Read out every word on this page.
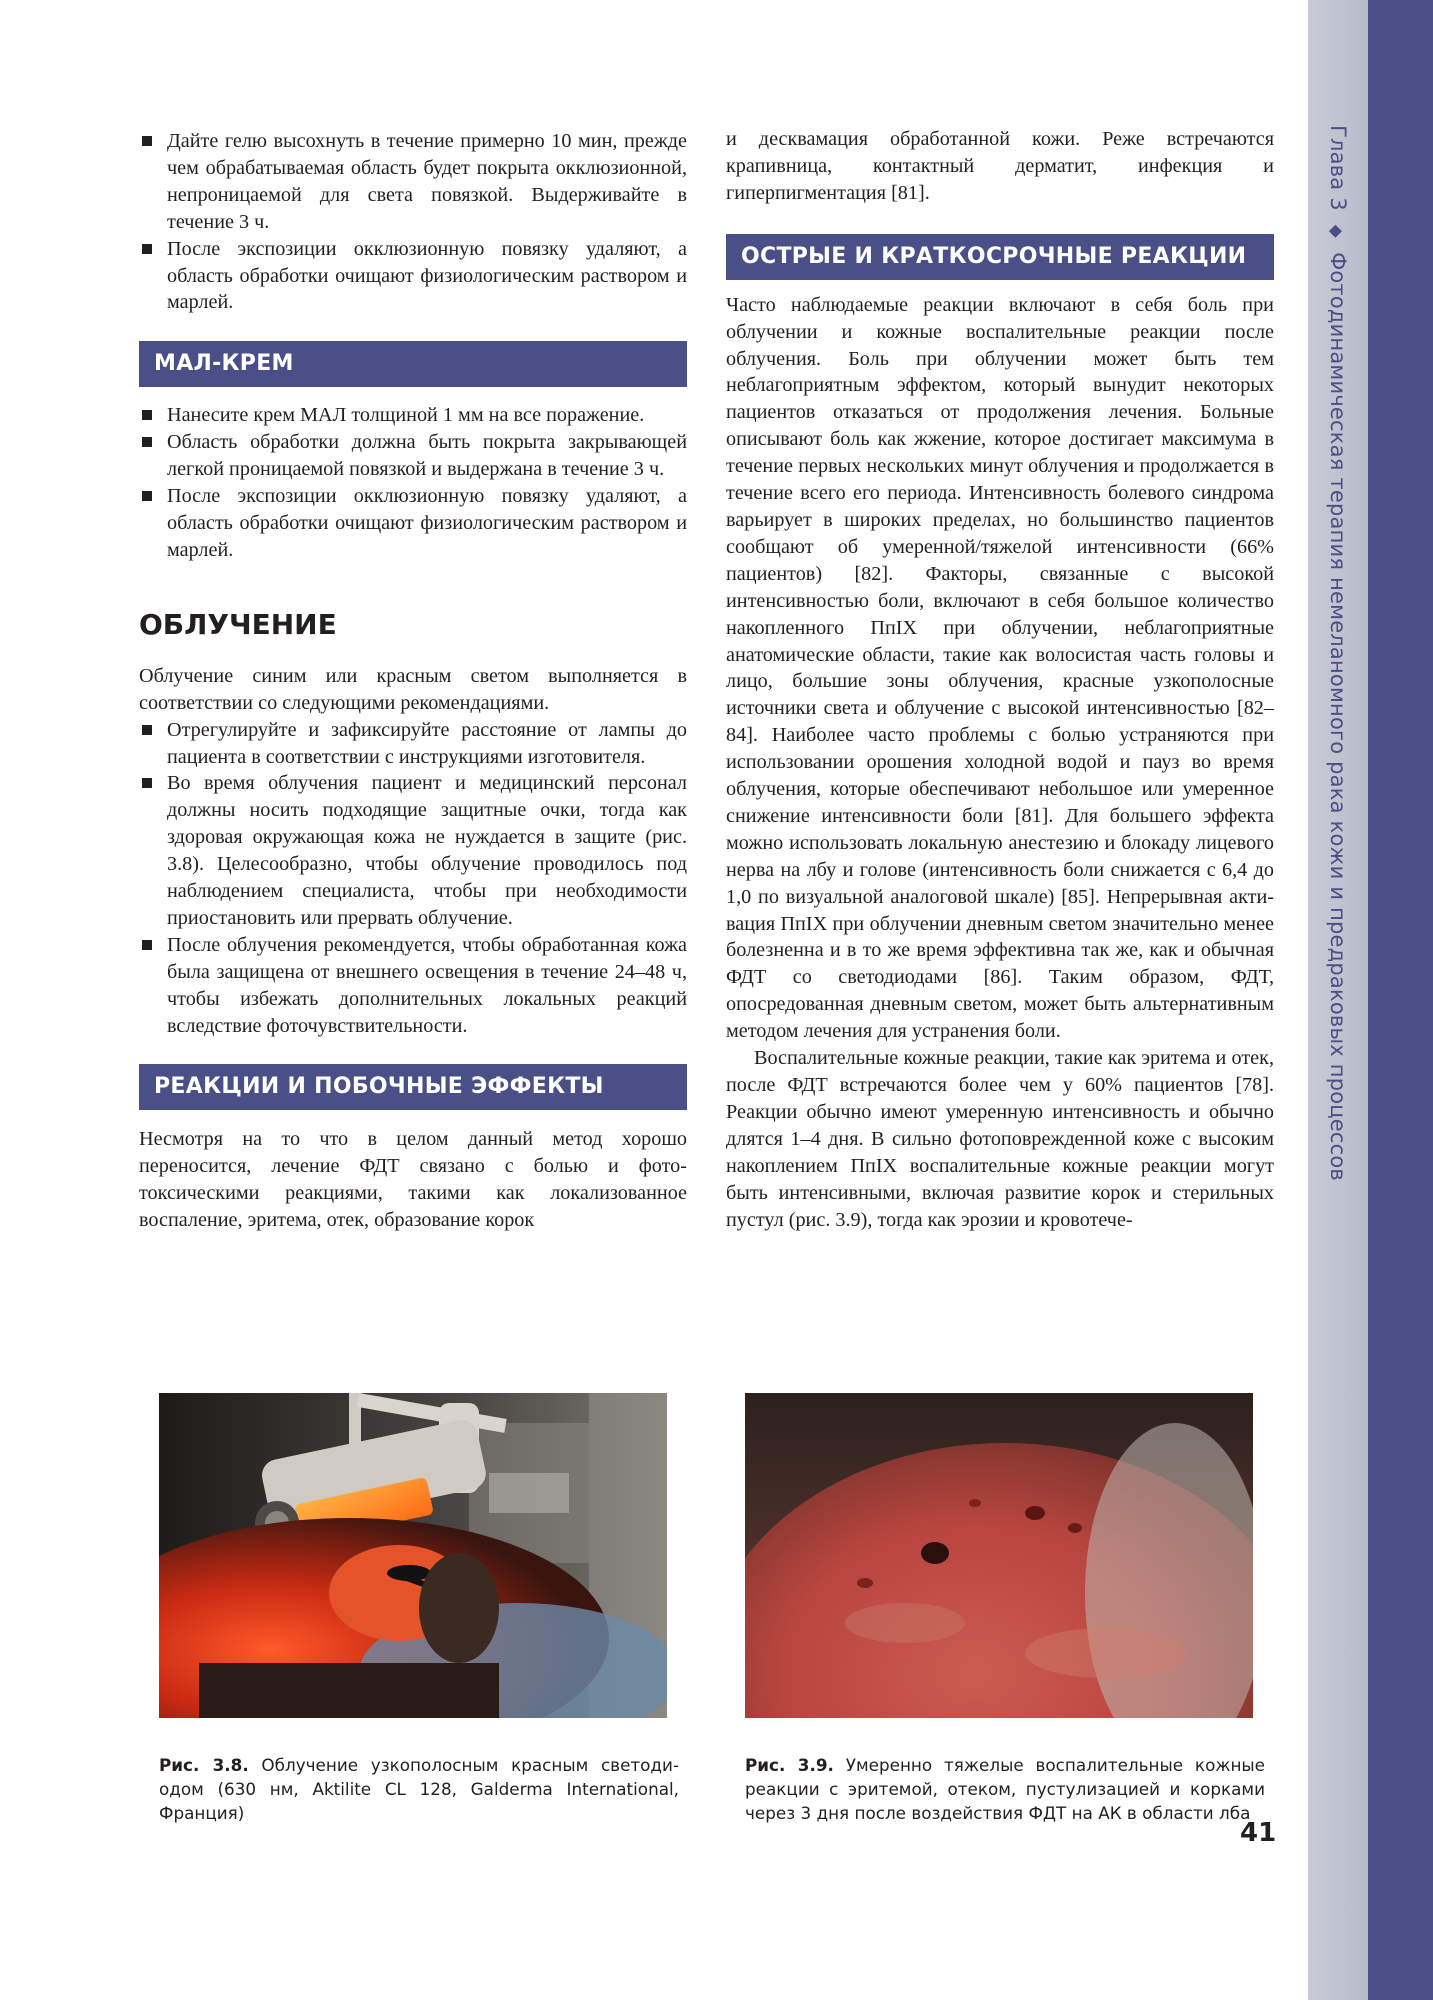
Глава 3◆Фотодинамическая терапия немеланомного рака кожи и предраковых процессов
Дайте гелю высохнуть в течение примерно 10 мин, прежде чем обрабатываемая область будет покрыта окклюзионной, непроницаемой для света повязкой. Выдерживайте в течение 3 ч.
После экспозиции окклюзионную повязку удаляют, а область обработки очищают физиологическим раствором и марлей.
МАЛ-КРЕМ
Нанесите крем МАЛ толщиной 1 мм на все поражение.
Область обработки должна быть покрыта закрывающей легкой проницаемой повязкой и выдержана в течение 3 ч.
После экспозиции окклюзионную повязку удаляют, а область обработки очищают физиологическим раствором и марлей.
ОБЛУЧЕНИЕ

Облучение синим или красным светом выполняется в соответствии со следующими рекомендациями.

Отрегулируйте и зафиксируйте расстояние от лампы до пациента в соответствии с инструкциями изготовителя.
Во время облучения пациент и медицинский персонал должны носить подходящие защитные очки, тогда как здоровая окружающая кожа не нуждается в защите (рис. 3.8). Целесообразно, чтобы облучение проводилось под наблюдением специалиста, чтобы при необходимости приостановить или прервать облучение.
После облучения рекомендуется, чтобы обработанная кожа была защищена от внешнего освещения в течение 24–48 ч, чтобы избежать дополнительных локальных реакций вследствие фоточувствительности.
РЕАКЦИИ И ПОБОЧНЫЕ ЭФФЕКТЫ

Несмотря на то что в целом данный метод хорошо переносится, лечение ФДТ связано с болью и фототоксическими реакциями, такими как локализованное воспаление, эритема, отек, образование корок

и десквамация обработанной кожи. Реже встречаются крапивница, контактный дерматит, инфекция и гиперпигментация [81].

ОСТРЫЕ И КРАТКОСРОЧНЫЕ РЕАКЦИИ

Часто наблюдаемые реакции включают в себя боль при облучении и кожные воспалительные реакции после облучения. Боль при облучении может быть тем неблагоприятным эффектом, который вынудит некоторых пациентов отказаться от продолжения лечения. Больные описывают боль как жжение, которое достигает максимума в течение первых нескольких минут облучения и продолжается в течение всего его периода. Интенсивность болевого синдрома варьирует в широких пределах, но большинство пациентов сообщают об умеренной/тяжелой интенсивности (66% пациентов) [82]. Факторы, связанные с высокой интенсивностью боли, включают в себя большое количество накопленного ПпIX при облучении, неблагоприятные анатомические области, такие как волосистая часть головы и лицо, большие зоны облучения, красные узкополосные источники света и облучение с высокой интенсивностью [82–84]. Наиболее часто проблемы с болью устраняются при использовании орошения холодной водой и пауз во время облучения, которые обеспечивают небольшое или умеренное снижение интенсивности боли [81]. Для большего эффекта можно использовать локальную анестезию и блокаду лицевого нерва на лбу и голове (интенсивность боли снижается с 6,4 до 1,0 по визуальной аналоговой шкале) [85]. Непрерывная активация ПпIX при облучении дневным светом значительно менее болезненна и в то же время эффективна так же, как и обычная ФДТ со светодиодами [86]. Таким образом, ФДТ, опосредованная дневным светом, может быть альтернативным методом лечения для устранения боли.

Воспалительные кожные реакции, такие как эритема и отек, после ФДТ встречаются более чем у 60% пациентов [78]. Реакции обычно имеют умеренную интенсивность и обычно длятся 1–4 дня. В сильно фотоповрежденной коже с высоким накоплением ПпIX воспалительные кожные реакции могут быть интенсивными, включая развитие корок и стерильных пустул (рис. 3.9), тогда как эрозии и кровотече-

Рис. 3.8. Облучение узкополосным красным светодиодом (630 нм, Aktilite CL 128, Galderma International, Франция)
Рис. 3.9. Умеренно тяжелые воспалительные кожные реакции с эритемой, отеком, пустулизацией и корками через 3 дня после воздействия ФДТ на АК в области лба
41
